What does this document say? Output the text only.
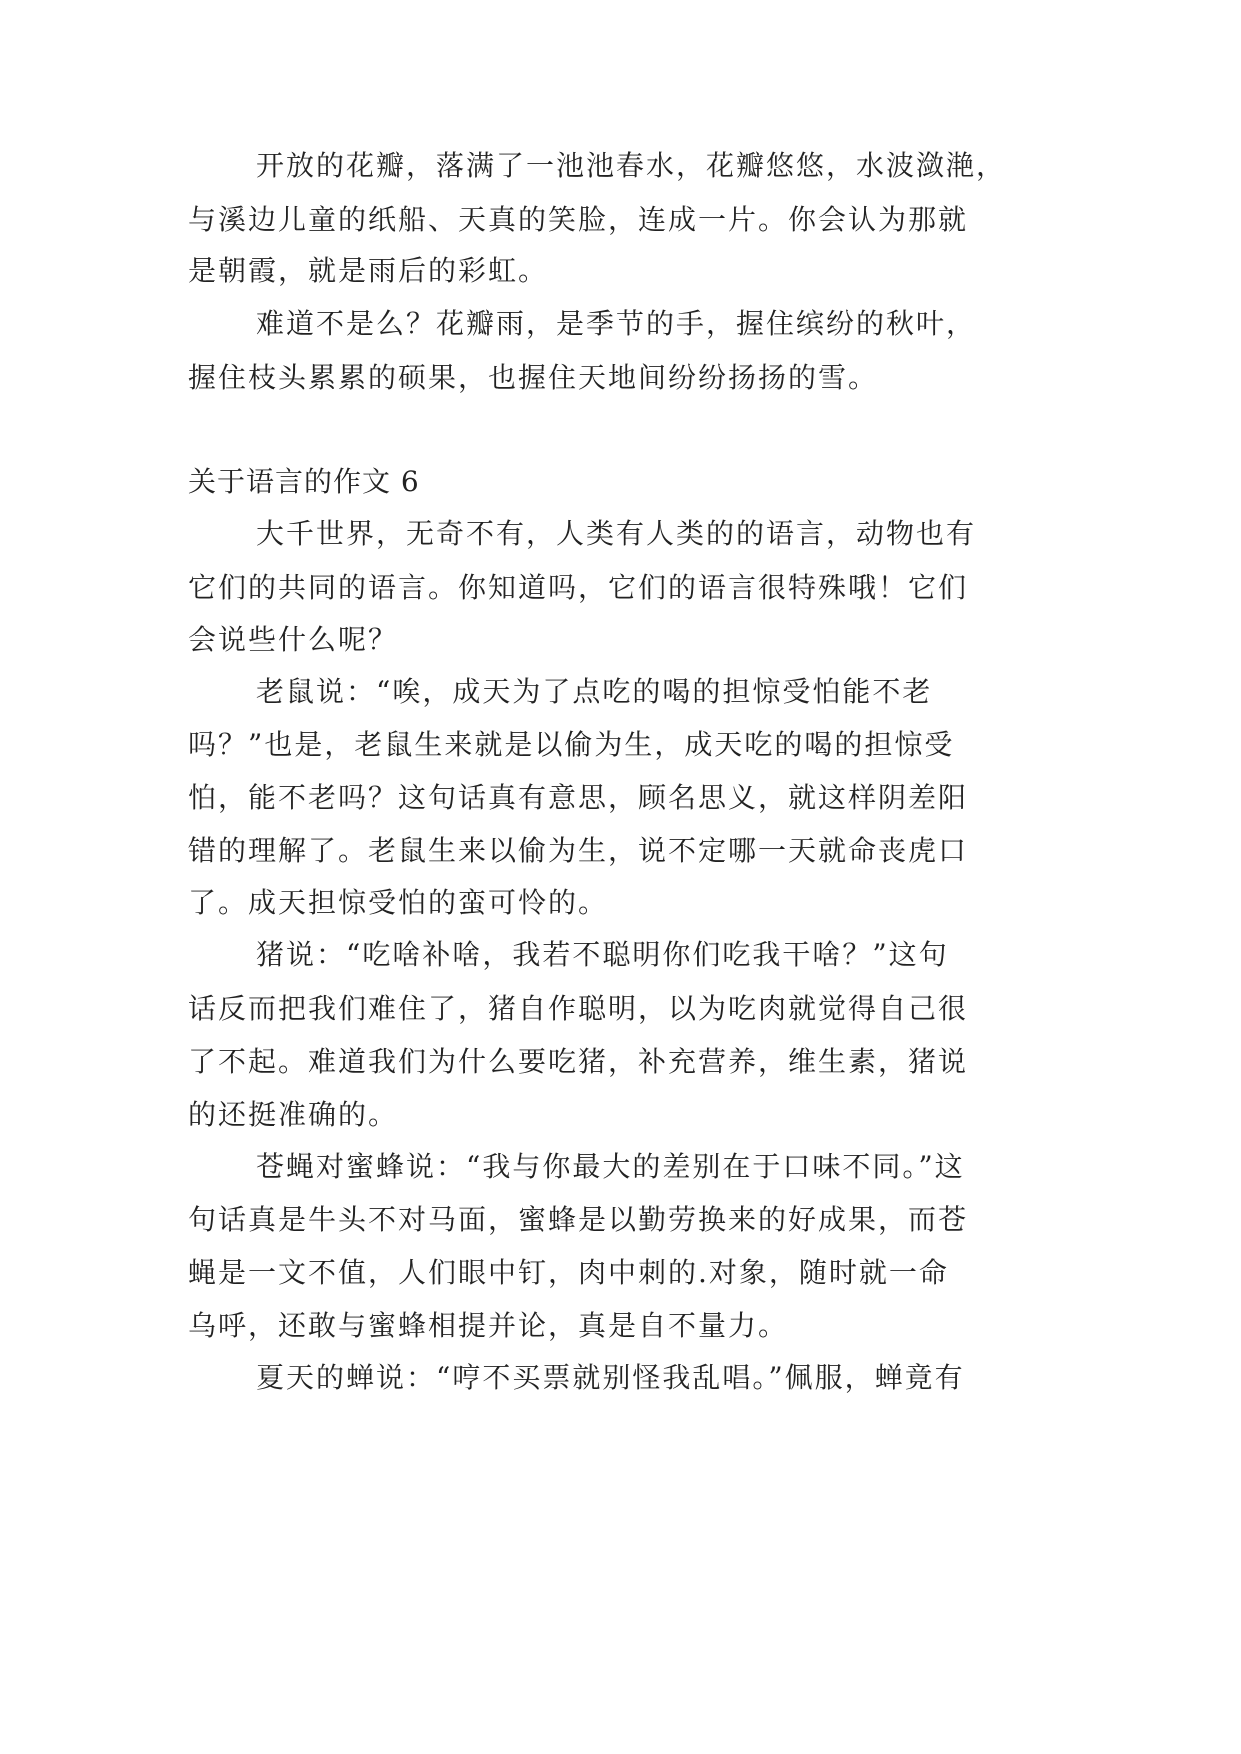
开放的花瓣，落满了一池池春水，花瓣悠悠，水波潋滟，
与溪边儿童的纸船、天真的笑脸，连成一片。你会认为那就
是朝霞，就是雨后的彩虹。
难道不是么？花瓣雨，是季节的手，握住缤纷的秋叶，
握住枝头累累的硕果，也握住天地间纷纷扬扬的雪。
关于语言的作文 6
大千世界，无奇不有，人类有人类的的语言，动物也有
它们的共同的语言。你知道吗，它们的语言很特殊哦！它们
会说些什么呢？
老鼠说：“唉，成天为了点吃的喝的担惊受怕能不老
吗？”也是，老鼠生来就是以偷为生，成天吃的喝的担惊受
怕，能不老吗？这句话真有意思，顾名思义，就这样阴差阳
错的理解了。老鼠生来以偷为生，说不定哪一天就命丧虎口
了。成天担惊受怕的蛮可怜的。
猪说：“吃啥补啥，我若不聪明你们吃我干啥？”这句
话反而把我们难住了，猪自作聪明，以为吃肉就觉得自己很
了不起。难道我们为什么要吃猪，补充营养，维生素，猪说
的还挺准确的。
苍蝇对蜜蜂说：“我与你最大的差别在于口味不同。”这
句话真是牛头不对马面，蜜蜂是以勤劳换来的好成果，而苍
蝇是一文不值，人们眼中钉，肉中刺的.对象，随时就一命
乌呼，还敢与蜜蜂相提并论，真是自不量力。
夏天的蝉说：“哼不买票就别怪我乱唱。”佩服，蝉竟有
